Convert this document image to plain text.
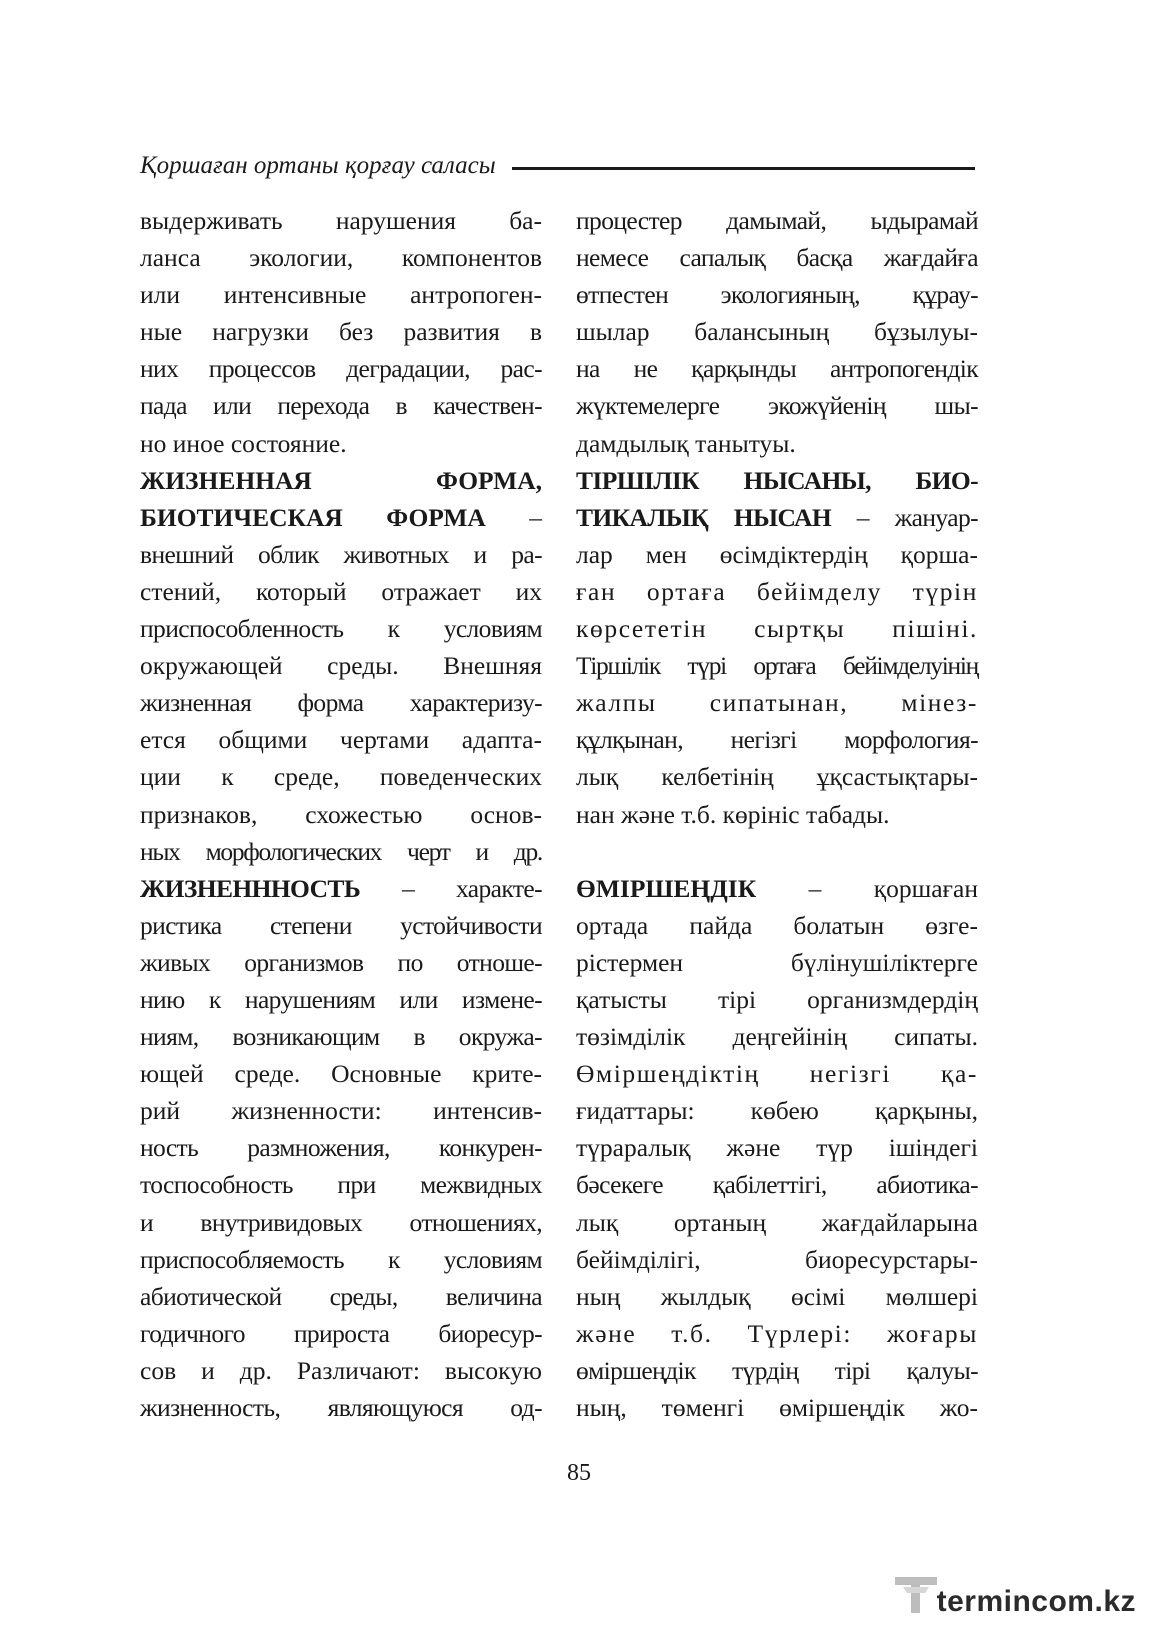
Қоршаған ортаны қорғау саласы
выдерживать нарушения ба-
ланса экологии, компонентов
или интенсивные антропоген-
ные нагрузки без развития в
них процессов деградации, рас-
пада или перехода в качествен-
но иное состояние.
ЖИЗНЕННАЯ ФОРМА,
БИОТИЧЕСКАЯ ФОРМА –
внешний облик животных и ра-
стений, который отражает их
приспособленность к условиям
окружающей среды. Внешняя
жизненная форма характеризу-
ется общими чертами адапта-
ции к среде, поведенческих
признаков, схожестью основ-
ных морфологических черт и др.
ЖИЗНЕНННОСТЬ – характе-
ристика степени устойчивости
живых организмов по отноше-
нию к нарушениям или измене-
ниям, возникающим в окружа-
ющей среде. Основные крите-
рий жизненности: интенсив-
ность размножения, конкурен-
тоспособность при межвидных
и внутривидовых отношениях,
приспособляемость к условиям
абиотической среды, величина
годичного прироста биоресур-
сов и др. Различают: высокую
жизненность, являющуюся од-
процестер дамымай, ыдырамай
немесе сапалық басқа жағдайға
өтпестен экологияның, құрау-
шылар балансының бұзылуы-
на не қарқынды антропогендік
жүктемелерге экожүйенің шы-
дамдылық танытуы.
ТІРШІЛІК НЫСАНЫ, БИО-
ТИКАЛЫҚ НЫСАН – жануар-
лар мен өсімдіктердің қорша-
ған ортаға бейімделу түрін
көрсететін сыртқы пішіні.
Тіршілік түрі ортаға бейімделуінің
жалпы сипатынан, мінез-
құлқынан, негізгі морфология-
лық келбетінің ұқсастықтары-
нан және т.б. көрініс табады.
ӨМІРШЕҢДІК – қоршаған
ортада пайда болатын өзге-
рістермен бүлінушіліктерге
қатысты тірі организмдердің
төзімділік деңгейінің сипаты.
Өміршеңдіктің негізгі қа-
ғидаттары: көбею қарқыны,
түраралық және түр ішіндегі
бәсекеге қабілеттігі, абиотика-
лық ортаның жағдайларына
бейімділігі, биоресурстары-
ның жылдық өсімі мөлшері
және т.б. Түрлері: жоғары
өміршеңдік түрдің тірі қалуы-
ның, төменгі өміршеңдік жо-
85
termincom.kz
